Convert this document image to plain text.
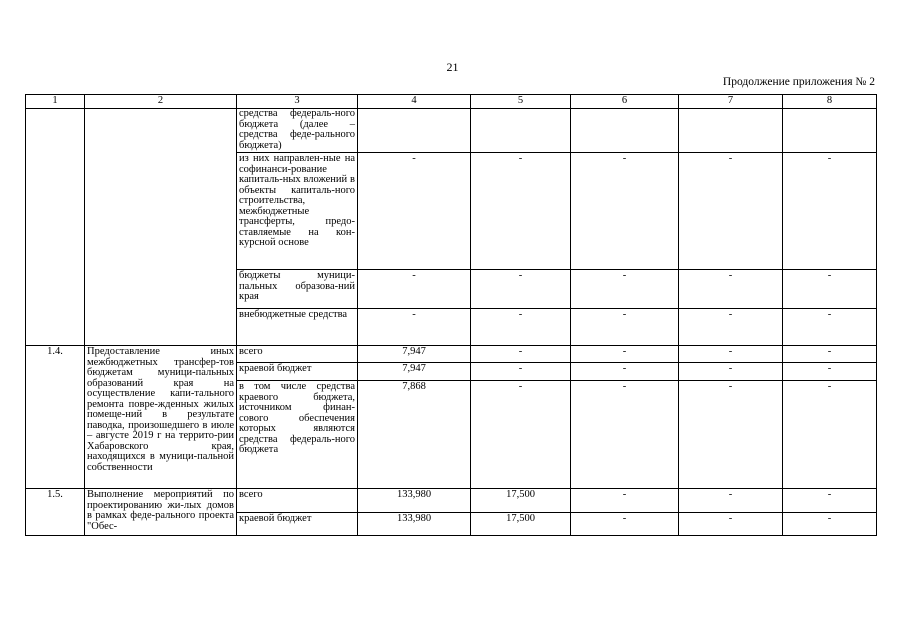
21
Продолжение приложения № 2
1	2	3	4	5	6	7	8
		средства федераль-ного бюджета (далее – средства феде-рального бюджета)					
		из них направлен-ные на софинанси-рование капиталь-ных вложений в объекты капиталь-ного строительства, межбюджетные трансферты, предо-ставляемые на кон-курсной основе	-	-	-	-	-
		бюджеты муници-пальных образова-ний края	-	-	-	-	-
		внебюджетные средства	-	-	-	-	-
1.4.	Предоставление иных межбюджетных трансфер-тов бюджетам муници-пальных образований края на осуществление капи-тального ремонта повре-жденных жилых помеще-ний в результате паводка, произошедшего в июле – августе 2019 г на террито-рии Хабаровского края, находящихся в муници-пальной собственности	всего	7,947	-	-	-	-
		краевой бюджет	7,947	-	-	-	-
		в том числе средства краевого бюджета, источником финан-сового обеспечения которых являются средства федераль-ного бюджета	7,868	-	-	-	-
1.5.	Выполнение мероприятий по проектированию жи-лых домов в рамках феде-рального проекта "Обес-	всего	133,980	17,500	-	-	-
		краевой бюджет	133,980	17,500	-	-	-
